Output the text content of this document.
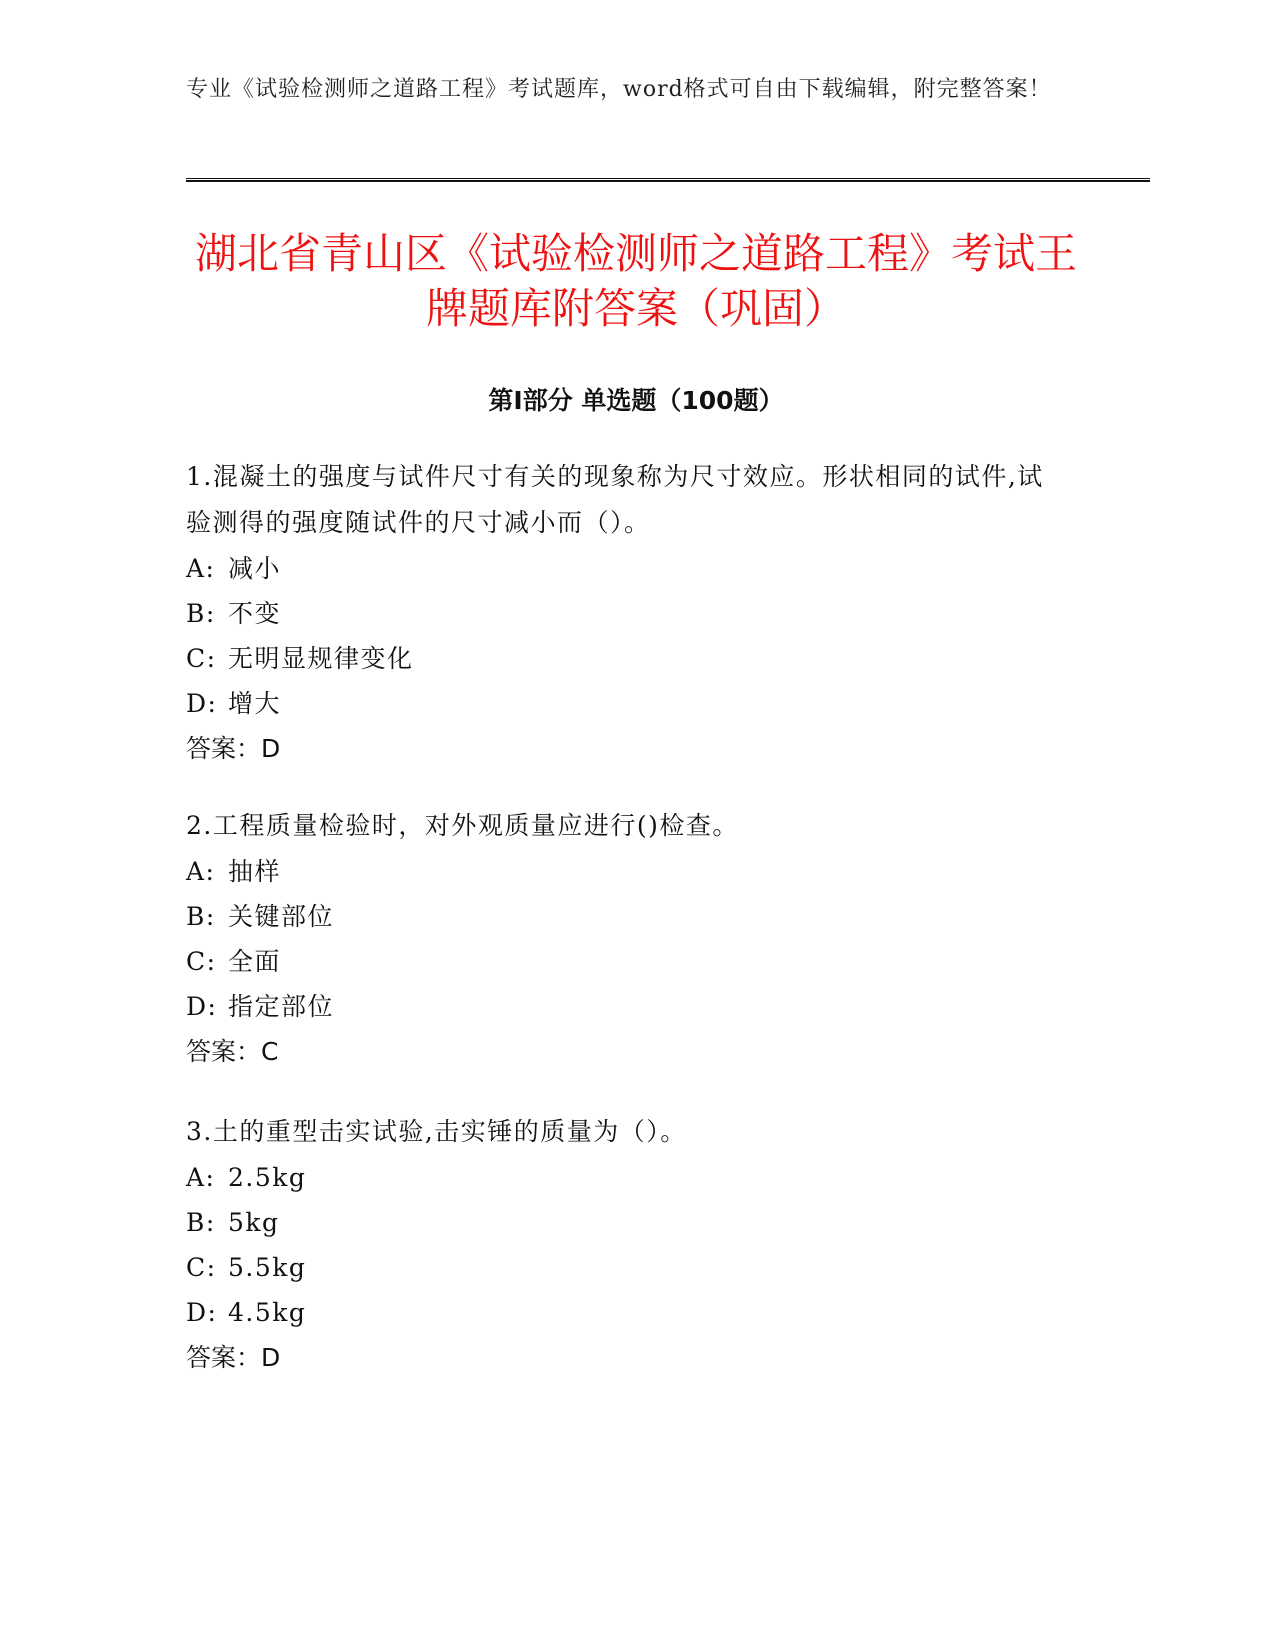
专业《试验检测师之道路工程》考试题库，word格式可自由下载编辑，附完整答案！
湖北省青山区《试验检测师之道路工程》考试王牌题库附答案（巩固）
第Ⅰ部分 单选题（100题）

1.混凝土的强度与试件尺寸有关的现象称为尺寸效应。形状相同的试件,试验测得的强度随试件的尺寸减小而（）。

A: 减小

B: 不变

C: 无明显规律变化

D: 增大

答案：D

2.工程质量检验时，对外观质量应进行()检查。

A: 抽样

B: 关键部位

C: 全面

D: 指定部位

答案：C

3.土的重型击实试验,击实锤的质量为（）。

A: 2.5kg

B: 5kg

C: 5.5kg

D: 4.5kg

答案：D
